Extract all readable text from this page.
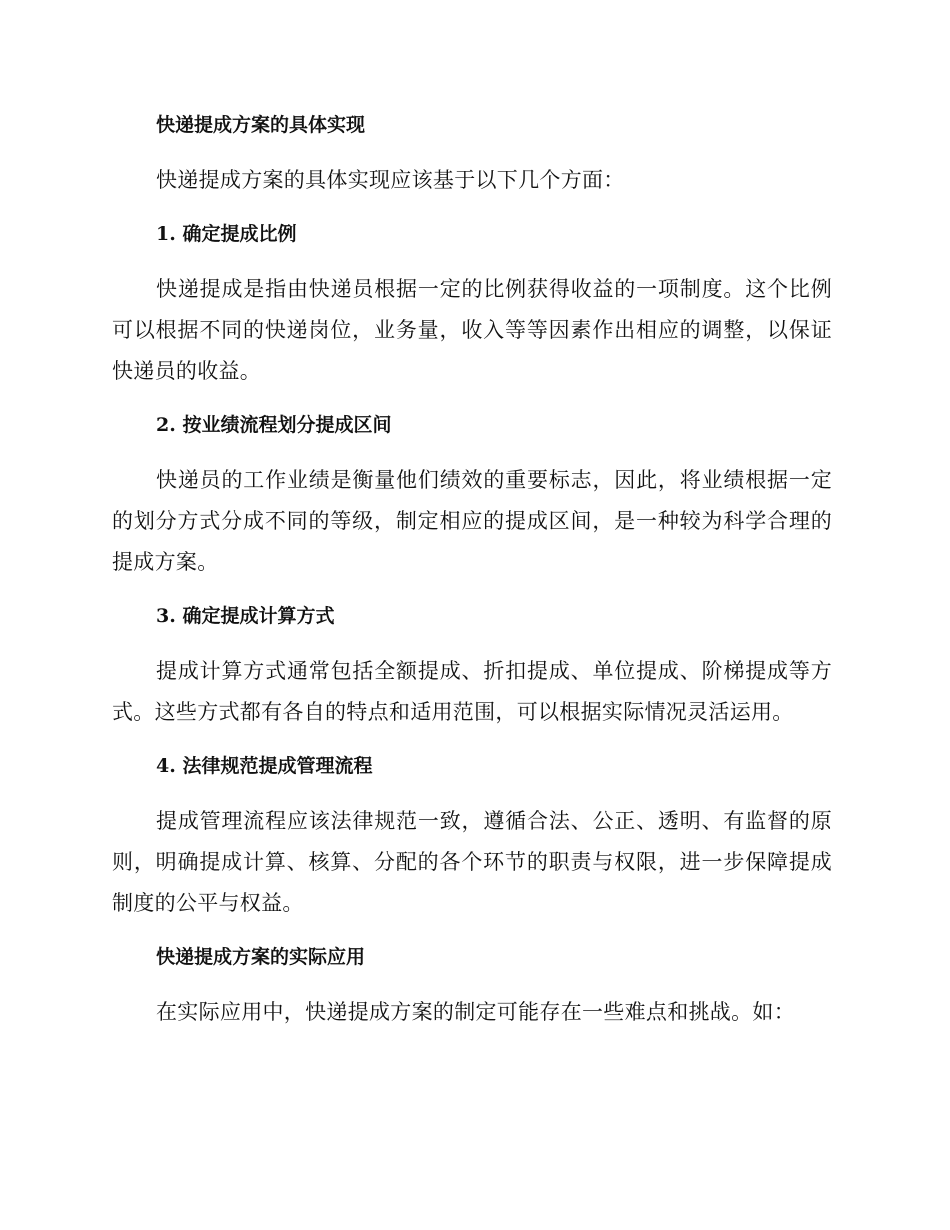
快递提成方案的具体实现
快递提成方案的具体实现应该基于以下几个方面：
1. 确定提成比例
快递提成是指由快递员根据一定的比例获得收益的一项制度。这个比例可以根据不同的快递岗位，业务量，收入等等因素作出相应的调整，以保证快递员的收益。
2. 按业绩流程划分提成区间
快递员的工作业绩是衡量他们绩效的重要标志，因此，将业绩根据一定的划分方式分成不同的等级，制定相应的提成区间，是一种较为科学合理的提成方案。
3. 确定提成计算方式
提成计算方式通常包括全额提成、折扣提成、单位提成、阶梯提成等方式。这些方式都有各自的特点和适用范围，可以根据实际情况灵活运用。
4. 法律规范提成管理流程
提成管理流程应该法律规范一致，遵循合法、公正、透明、有监督的原则，明确提成计算、核算、分配的各个环节的职责与权限，进一步保障提成制度的公平与权益。
快递提成方案的实际应用
在实际应用中，快递提成方案的制定可能存在一些难点和挑战。如：
